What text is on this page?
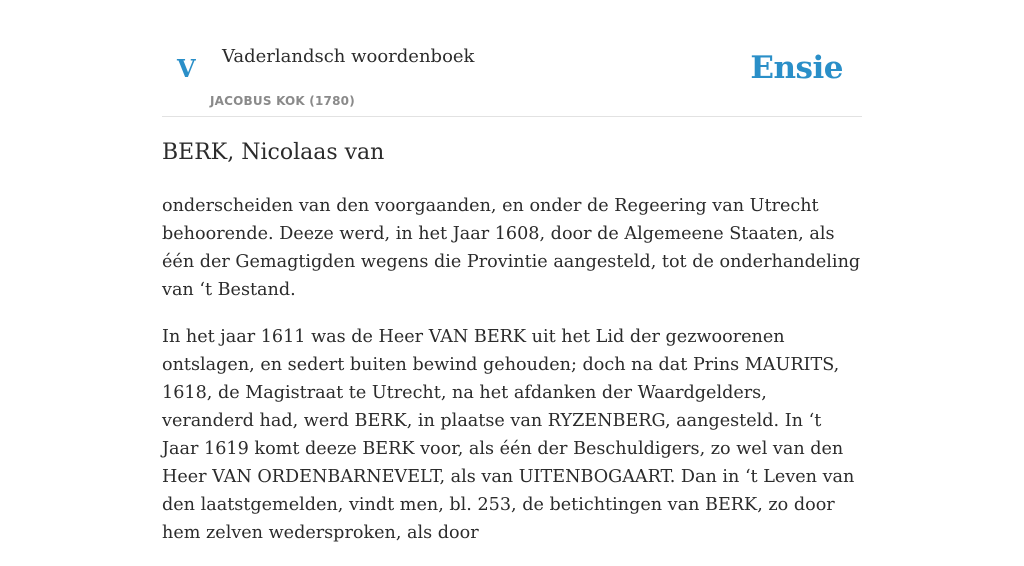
V Vaderlandsch woordenboek
JACOBUS KOK (1780)
Ensie
BERK, Nicolaas van

onderscheiden van den voorgaanden, en onder de Regeering van Utrecht behoorende. Deeze werd, in het Jaar 1608, door de Algemeene Staaten, als één der Gemagtigden wegens die Provintie aangesteld, tot de onderhandeling van ‘t Bestand.

In het jaar 1611 was de Heer VAN BERK uit het Lid der gezwoorenen ontslagen, en sedert buiten bewind gehouden; doch na dat Prins MAURITS, 1618, de Magistraat te Utrecht, na het afdanken der Waardgelders, veranderd had, werd BERK, in plaatse van RYZENBERG, aangesteld. In ‘t Jaar 1619 komt deeze BERK voor, als één der Beschuldigers, zo wel van den Heer VAN ORDENBARNEVELT, als van UITENBOGAART. Dan in ‘t Leven van den laatstgemelden, vindt men, bl. 253, de betichtingen van BERK, zo door hem zelven wedersproken, als door
